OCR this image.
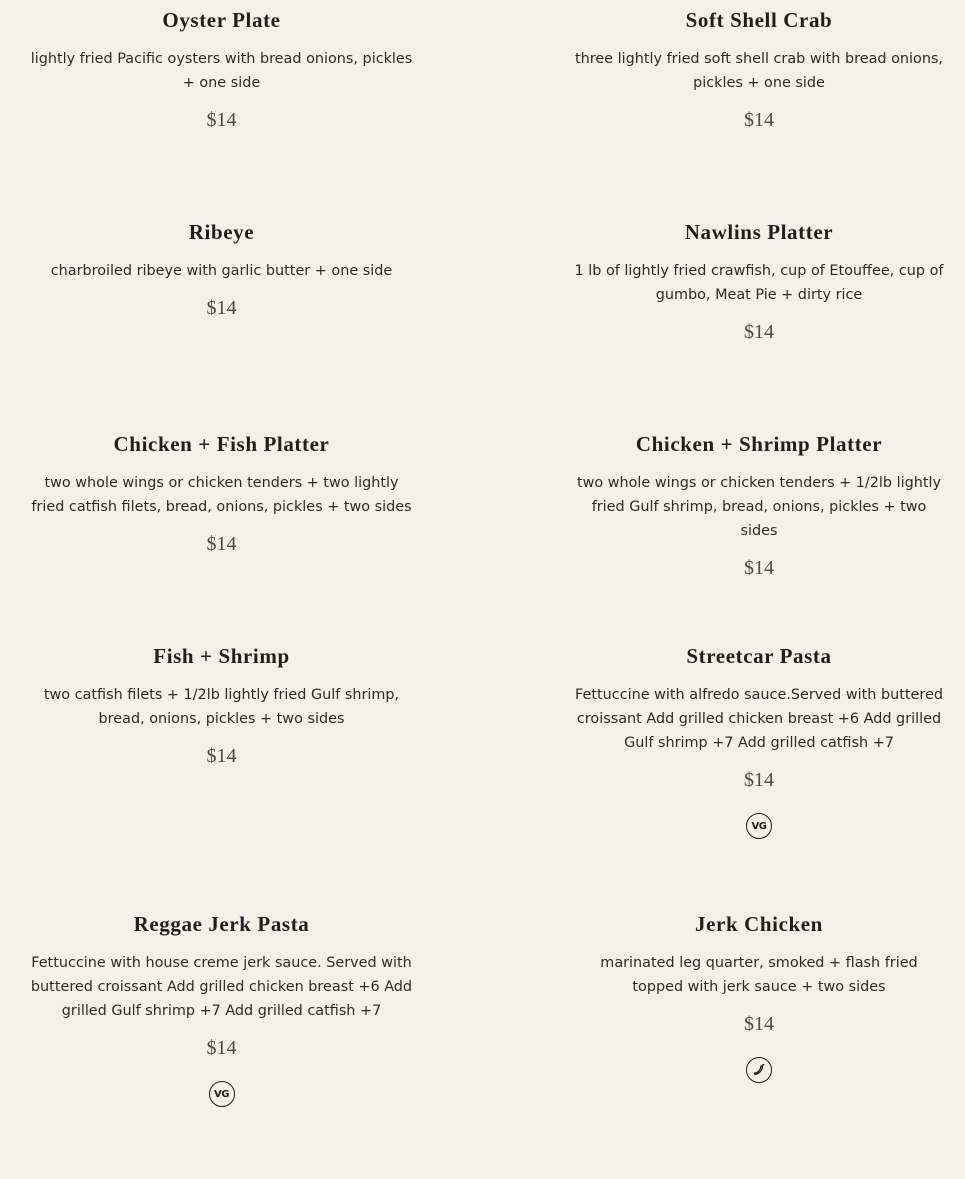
Oyster Plate

lightly fried Pacific oysters with bread onions, pickles + one side

$14

Soft Shell Crab

three lightly fried soft shell crab with bread onions, pickles + one side

$14

Ribeye

charbroiled ribeye with garlic butter + one side

$14

Nawlins Platter

1 lb of lightly fried crawfish, cup of Etouffee, cup of gumbo, Meat Pie + dirty rice

$14

Chicken + Fish Platter

two whole wings or chicken tenders + two lightly fried catfish filets, bread, onions, pickles + two sides

$14

Chicken + Shrimp Platter

two whole wings or chicken tenders + 1/2lb lightly fried Gulf shrimp, bread, onions, pickles + two sides

$14

Fish + Shrimp

two catfish filets + 1/2lb lightly fried Gulf shrimp, bread, onions, pickles + two sides

$14

Streetcar Pasta

Fettuccine with alfredo sauce.Served with buttered croissant Add grilled chicken breast +6 Add grilled Gulf shrimp +7 Add grilled catfish +7

$14

VG
Reggae Jerk Pasta

Fettuccine with house creme jerk sauce. Served with buttered croissant Add grilled chicken breast +6 Add grilled Gulf shrimp +7 Add grilled catfish +7

$14

VG
Jerk Chicken

marinated leg quarter, smoked + flash fried topped with jerk sauce + two sides

$14
